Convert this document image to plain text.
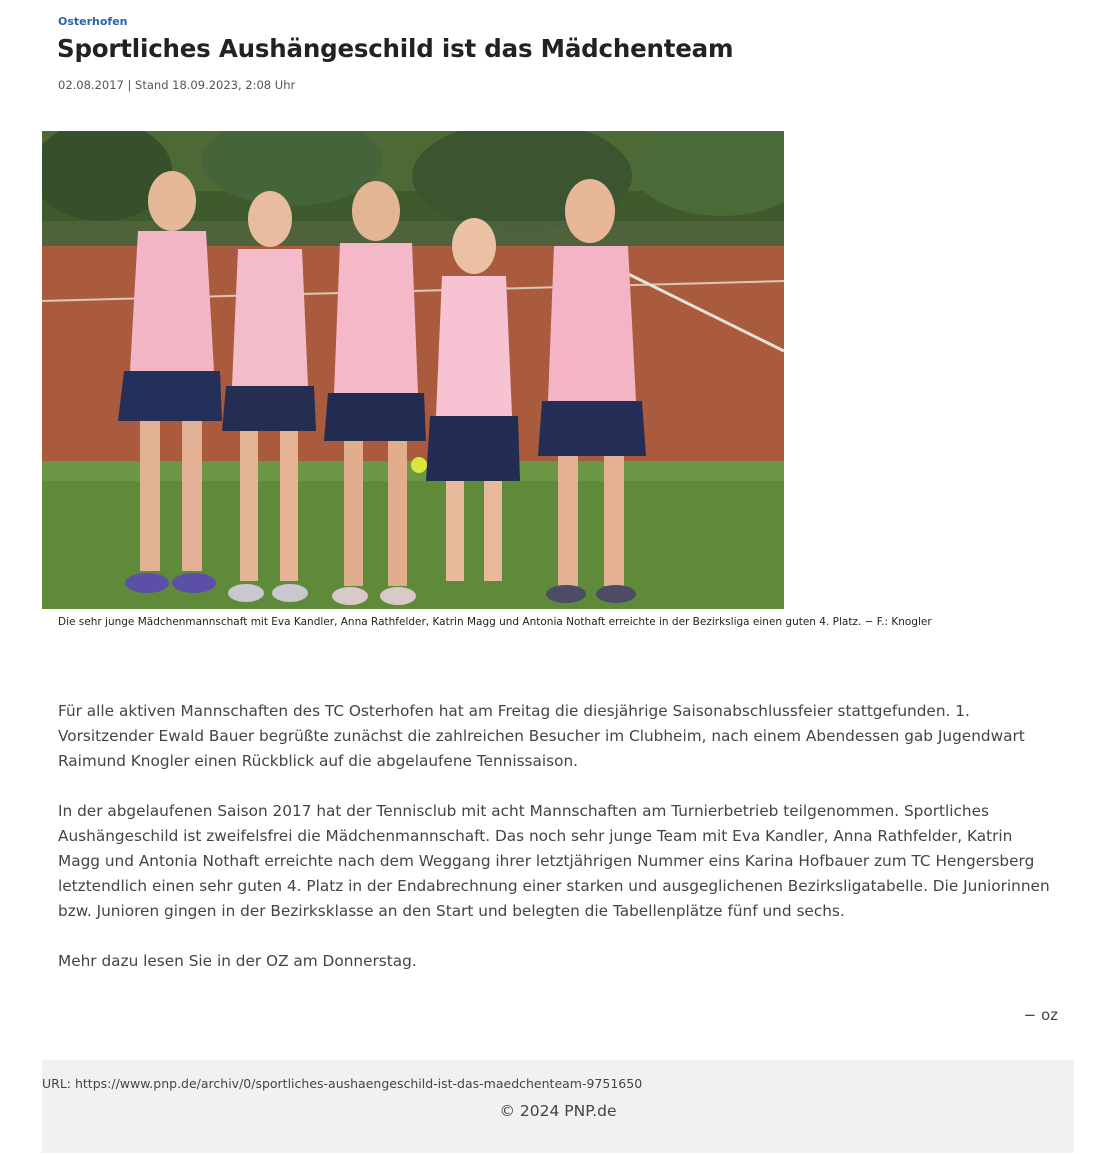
Osterhofen
Sportliches Aushängeschild ist das Mädchenteam
02.08.2017 | Stand 18.09.2023, 2:08 Uhr
Die sehr junge Mädchenmannschaft mit Eva Kandler, Anna Rathfelder, Katrin Magg und Antonia Nothaft erreichte in der Bezirksliga einen guten 4. Platz. − F.: Knogler

Für alle aktiven Mannschaften des TC Osterhofen hat am Freitag die diesjährige Saisonabschlussfeier stattgefunden. 1. Vorsitzender Ewald Bauer begrüßte zunächst die zahlreichen Besucher im Clubheim, nach einem Abendessen gab Jugendwart Raimund Knogler einen Rückblick auf die abgelaufene Tennissaison.

In der abgelaufenen Saison 2017 hat der Tennisclub mit acht Mannschaften am Turnierbetrieb teilgenommen. Sportliches Aushängeschild ist zweifelsfrei die Mädchenmannschaft. Das noch sehr junge Team mit Eva Kandler, Anna Rathfelder, Katrin Magg und Antonia Nothaft erreichte nach dem Weggang ihrer letztjährigen Nummer eins Karina Hofbauer zum TC Hengersberg letztendlich einen sehr guten 4. Platz in der Endabrechnung einer starken und ausgeglichenen Bezirksligatabelle. Die Juniorinnen bzw. Junioren gingen in der Bezirksklasse an den Start und belegten die Tabellenplätze fünf und sechs.

Mehr dazu lesen Sie in der OZ am Donnerstag.

− oz
URL: https://www.pnp.de/archiv/0/sportliches-aushaengeschild-ist-das-maedchenteam-9751650
© 2024 PNP.de
